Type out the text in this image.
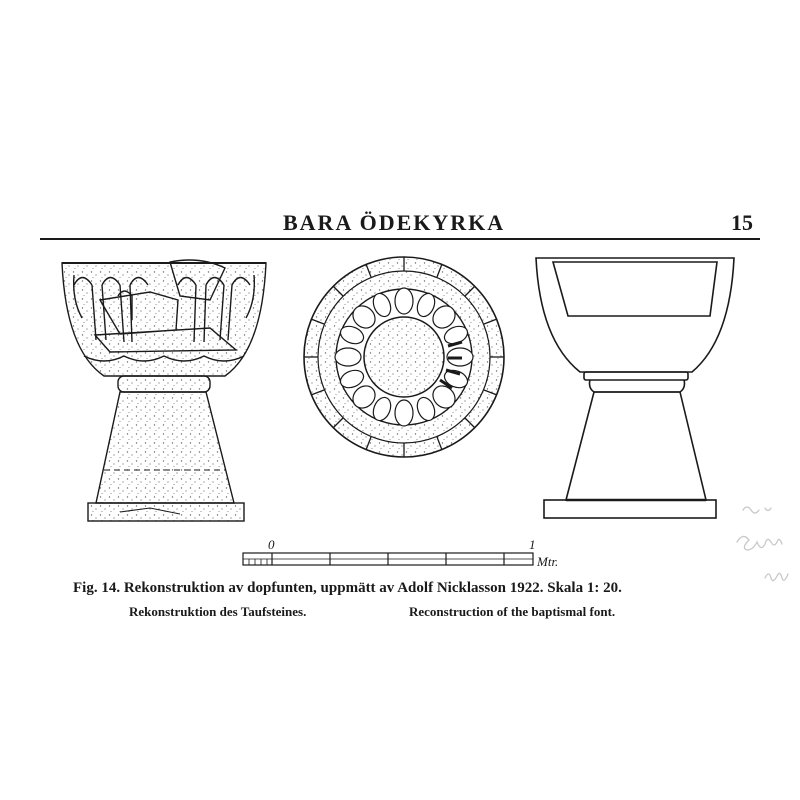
BARA ÖDEKYRKA	15
0	1
Mtr.
Fig. 14. Rekonstruktion av dopfunten, uppmätt av Adolf Nicklasson 1922. Skala 1: 20.
Rekonstruktion des Taufsteines.	Reconstruction of the baptismal font.
